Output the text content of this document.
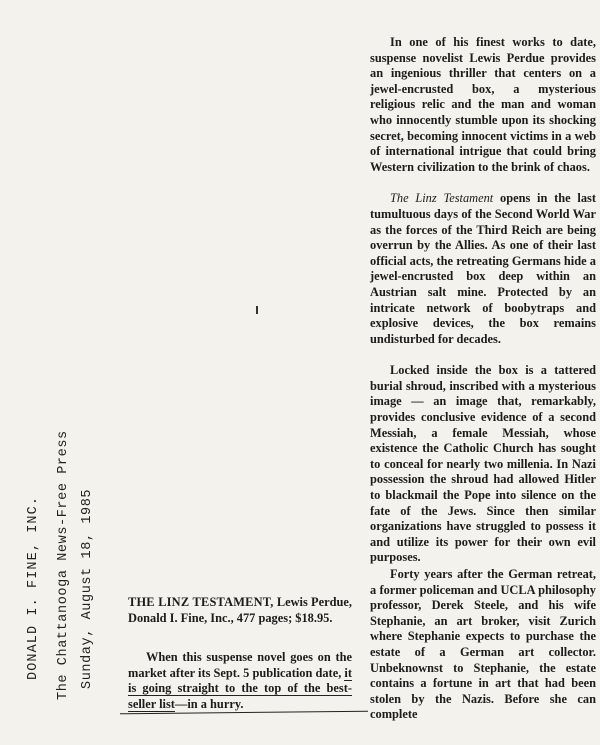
DONALD I. FINE, INC. The Chattanooga News-Free Press Sunday, August 18, 1985

In one of his finest works to date, suspense novelist Lewis Perdue provides an ingenious thriller that centers on a jewel-encrusted box, a mysterious religious relic and the man and woman who innocently stumble upon its shocking secret, becoming innocent victims in a web of international intrigue that could bring Western civilization to the brink of chaos.

The Linz Testament opens in the last tumultuous days of the Second World War as the forces of the Third Reich are being overrun by the Allies. As one of their last official acts, the retreating Germans hide a jewel-encrusted box deep within an Austrian salt mine. Protected by an intricate network of boobytraps and explosive devices, the box remains undisturbed for decades.

Locked inside the box is a tattered burial shroud, inscribed with a mysterious image — an image that, remarkably, provides conclusive evidence of a second Messiah, a female Messiah, whose existence the Catholic Church has sought to conceal for nearly two millenia. In Nazi possession the shroud had allowed Hitler to blackmail the Pope into silence on the fate of the Jews. Since then similar organizations have struggled to possess it and utilize its power for their own evil purposes.

Forty years after the German retreat, a former policeman and UCLA philosophy professor, Derek Steele, and his wife Stephanie, an art broker, visit Zurich where Stephanie expects to purchase the estate of a German art collector. Unbeknownst to Stephanie, the estate contains a fortune in art that had been stolen by the Nazis. Before she can complete

THE LINZ TESTAMENT, Lewis Perdue, Donald I. Fine, Inc., 477 pages; $18.95.

When this suspense novel goes on the market after its Sept. 5 publication date, it is going straight to the top of the best-seller list—in a hurry.
